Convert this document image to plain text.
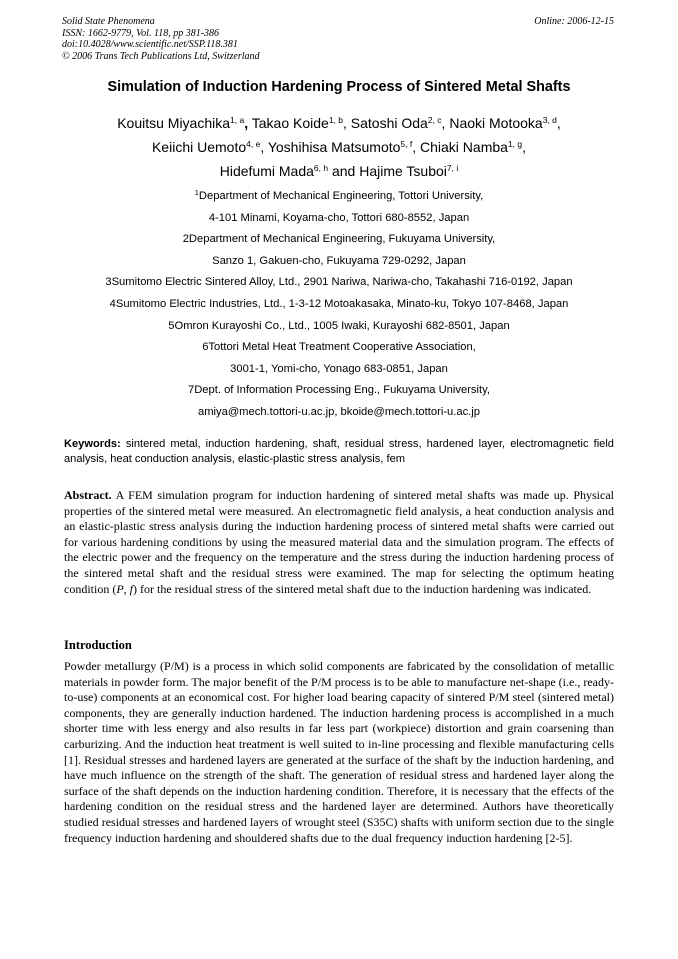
Solid State Phenomena
ISSN: 1662-9779, Vol. 118, pp 381-386
doi:10.4028/www.scientific.net/SSP.118.381
© 2006 Trans Tech Publications Ltd, Switzerland
Online: 2006-12-15
Simulation of Induction Hardening Process of Sintered Metal Shafts
Kouitsu Miyachika$^{1, a}$, Takao Koide$^{1, b}$, Satoshi Oda$^{2, c}$, Naoki Motooka$^{3, d}$,
Keiichi Uemoto$^{4, e}$, Yoshihisa Matsumoto$^{5, f}$, Chiaki Namba$^{1, g}$,
Hidefumi Mada$^{6, h}$ and Hajime Tsuboi$^{7, i}$
$^1$Department of Mechanical Engineering, Tottori University,
4-101 Minami, Koyama-cho, Tottori 680-8552, Japan
2Department of Mechanical Engineering, Fukuyama University,
Sanzo 1, Gakuen-cho, Fukuyama 729-0292, Japan
3Sumitomo Electric Sintered Alloy, Ltd., 2901 Nariwa, Nariwa-cho, Takahashi 716-0192, Japan
4Sumitomo Electric Industries, Ltd., 1-3-12 Motoakasaka, Minato-ku, Tokyo 107-8468, Japan
5Omron Kurayoshi Co., Ltd., 1005 Iwaki, Kurayoshi 682-8501, Japan
6Tottori Metal Heat Treatment Cooperative Association,
3001-1, Yomi-cho, Yonago 683-0851, Japan
7Dept. of Information Processing Eng., Fukuyama University,
amiya@mech.tottori-u.ac.jp, bkoide@mech.tottori-u.ac.jp
Keywords: sintered metal, induction hardening, shaft, residual stress, hardened layer, electromagnetic field analysis, heat conduction analysis, elastic-plastic stress analysis, fem
Abstract. A FEM simulation program for induction hardening of sintered metal shafts was made up. Physical properties of the sintered metal were measured. An electromagnetic field analysis, a heat conduction analysis and an elastic-plastic stress analysis during the induction hardening process of sintered metal shafts were carried out for various hardening conditions by using the measured material data and the simulation program. The effects of the electric power and the frequency on the temperature and the stress during the induction hardening process of the sintered metal shaft and the residual stress were examined. The map for selecting the optimum heating condition (P, f) for the residual stress of the sintered metal shaft due to the induction hardening was indicated.
Introduction
Powder metallurgy (P/M) is a process in which solid components are fabricated by the consolidation of metallic materials in powder form. The major benefit of the P/M process is to be able to manufacture net-shape (i.e., ready-to-use) components at an economical cost. For higher load bearing capacity of sintered P/M steel (sintered metal) components, they are generally induction hardened. The induction hardening process is accomplished in a much shorter time with less energy and also results in far less part (workpiece) distortion and grain coarsening than carburizing. And the induction heat treatment is well suited to in-line processing and flexible manufacturing cells [1]. Residual stresses and hardened layers are generated at the surface of the shaft by the induction hardening, and have much influence on the strength of the shaft. The generation of residual stress and hardened layer along the surface of the shaft depends on the induction hardening condition. Therefore, it is necessary that the effects of the hardening condition on the residual stress and the hardened layer are determined. Authors have theoretically studied residual stresses and hardened layers of wrought steel (S35C) shafts with uniform section due to the single frequency induction hardening and shouldered shafts due to the dual frequency induction hardening [2-5].
